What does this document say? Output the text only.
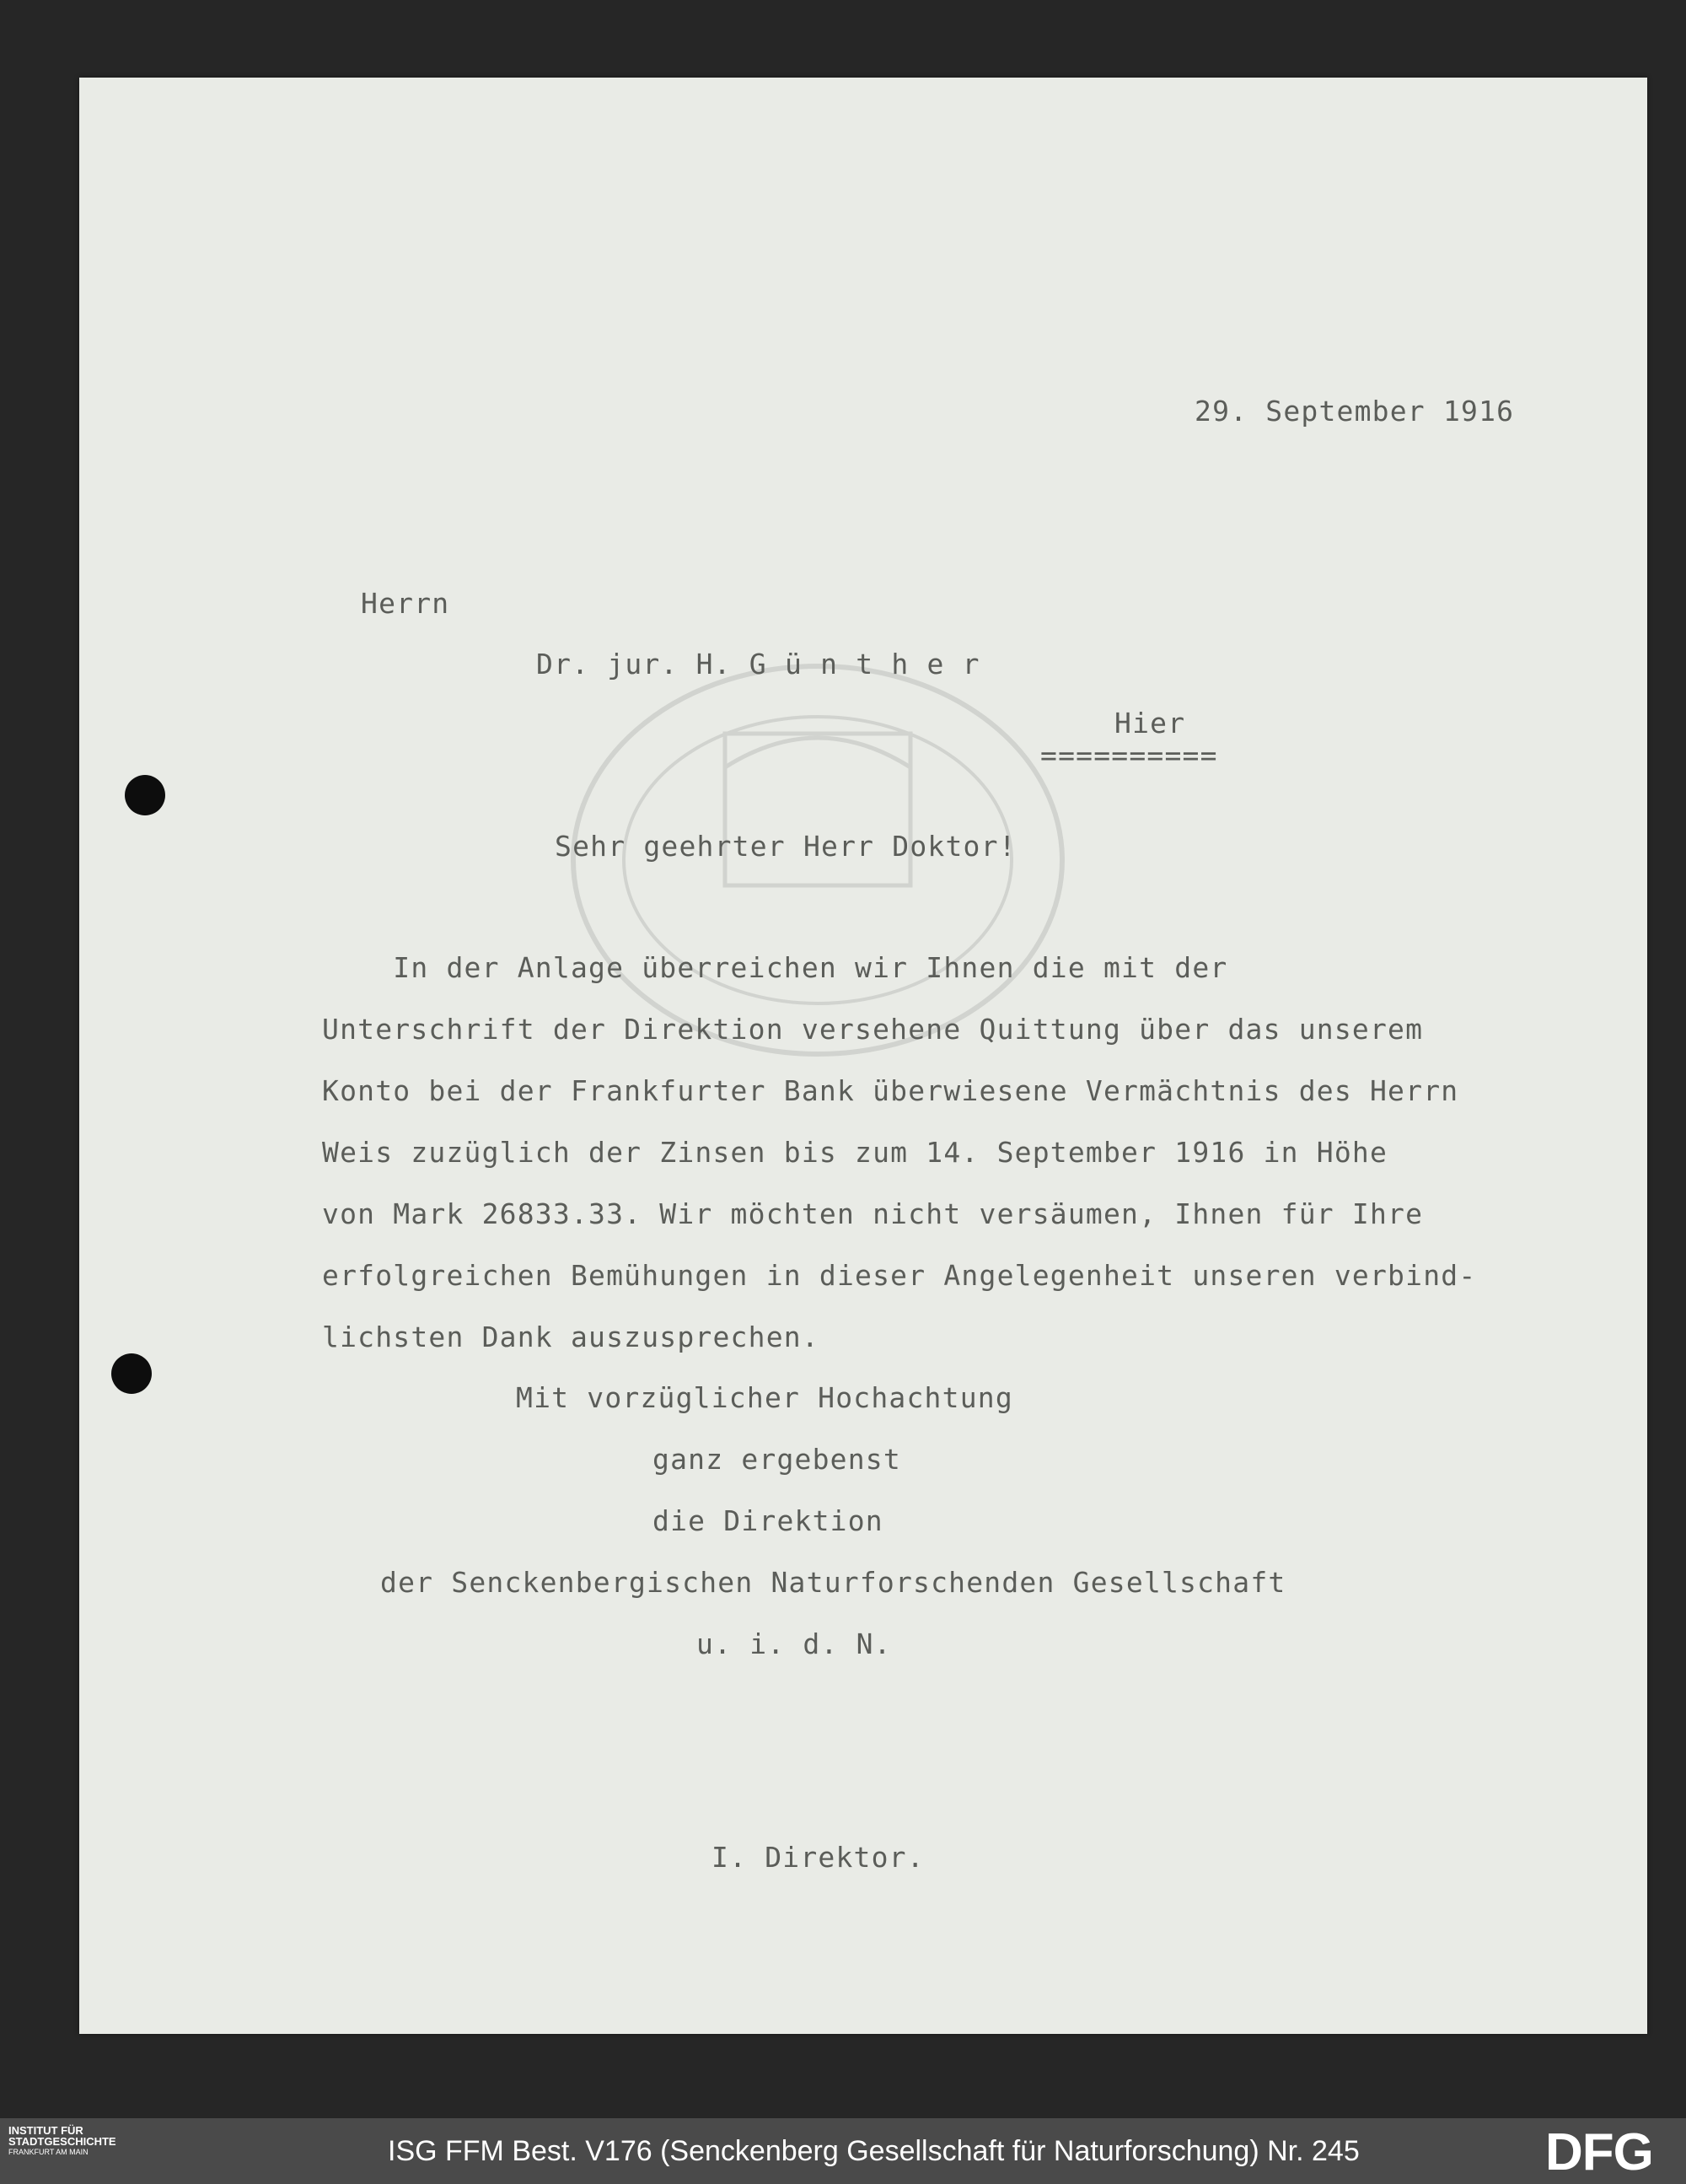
29. September 1916
Herrn
Dr. jur. H. G ü n t h e r
Hier
==========
Sehr geehrter Herr Doktor!
In der Anlage überreichen wir Ihnen die mit der
Unterschrift der Direktion versehene Quittung über das unserem
Konto bei der Frankfurter Bank überwiesene Vermächtnis des Herrn
Weis zuzüglich der Zinsen bis zum 14. September 1916 in Höhe
von Mark 26833.33. Wir möchten nicht versäumen, Ihnen für Ihre
erfolgreichen Bemühungen in dieser Angelegenheit unseren verbind-
lichsten Dank auszusprechen.
Mit vorzüglicher Hochachtung
ganz ergebenst
die Direktion
der Senckenbergischen Naturforschenden Gesellschaft
u. i. d. N.
I. Direktor.
INSTITUT FÜR
STADTGESCHICHTE
FRANKFURT AM MAIN	ISG FFM Best. V176 (Senckenberg Gesellschaft für Naturforschung) Nr. 245	DFG
